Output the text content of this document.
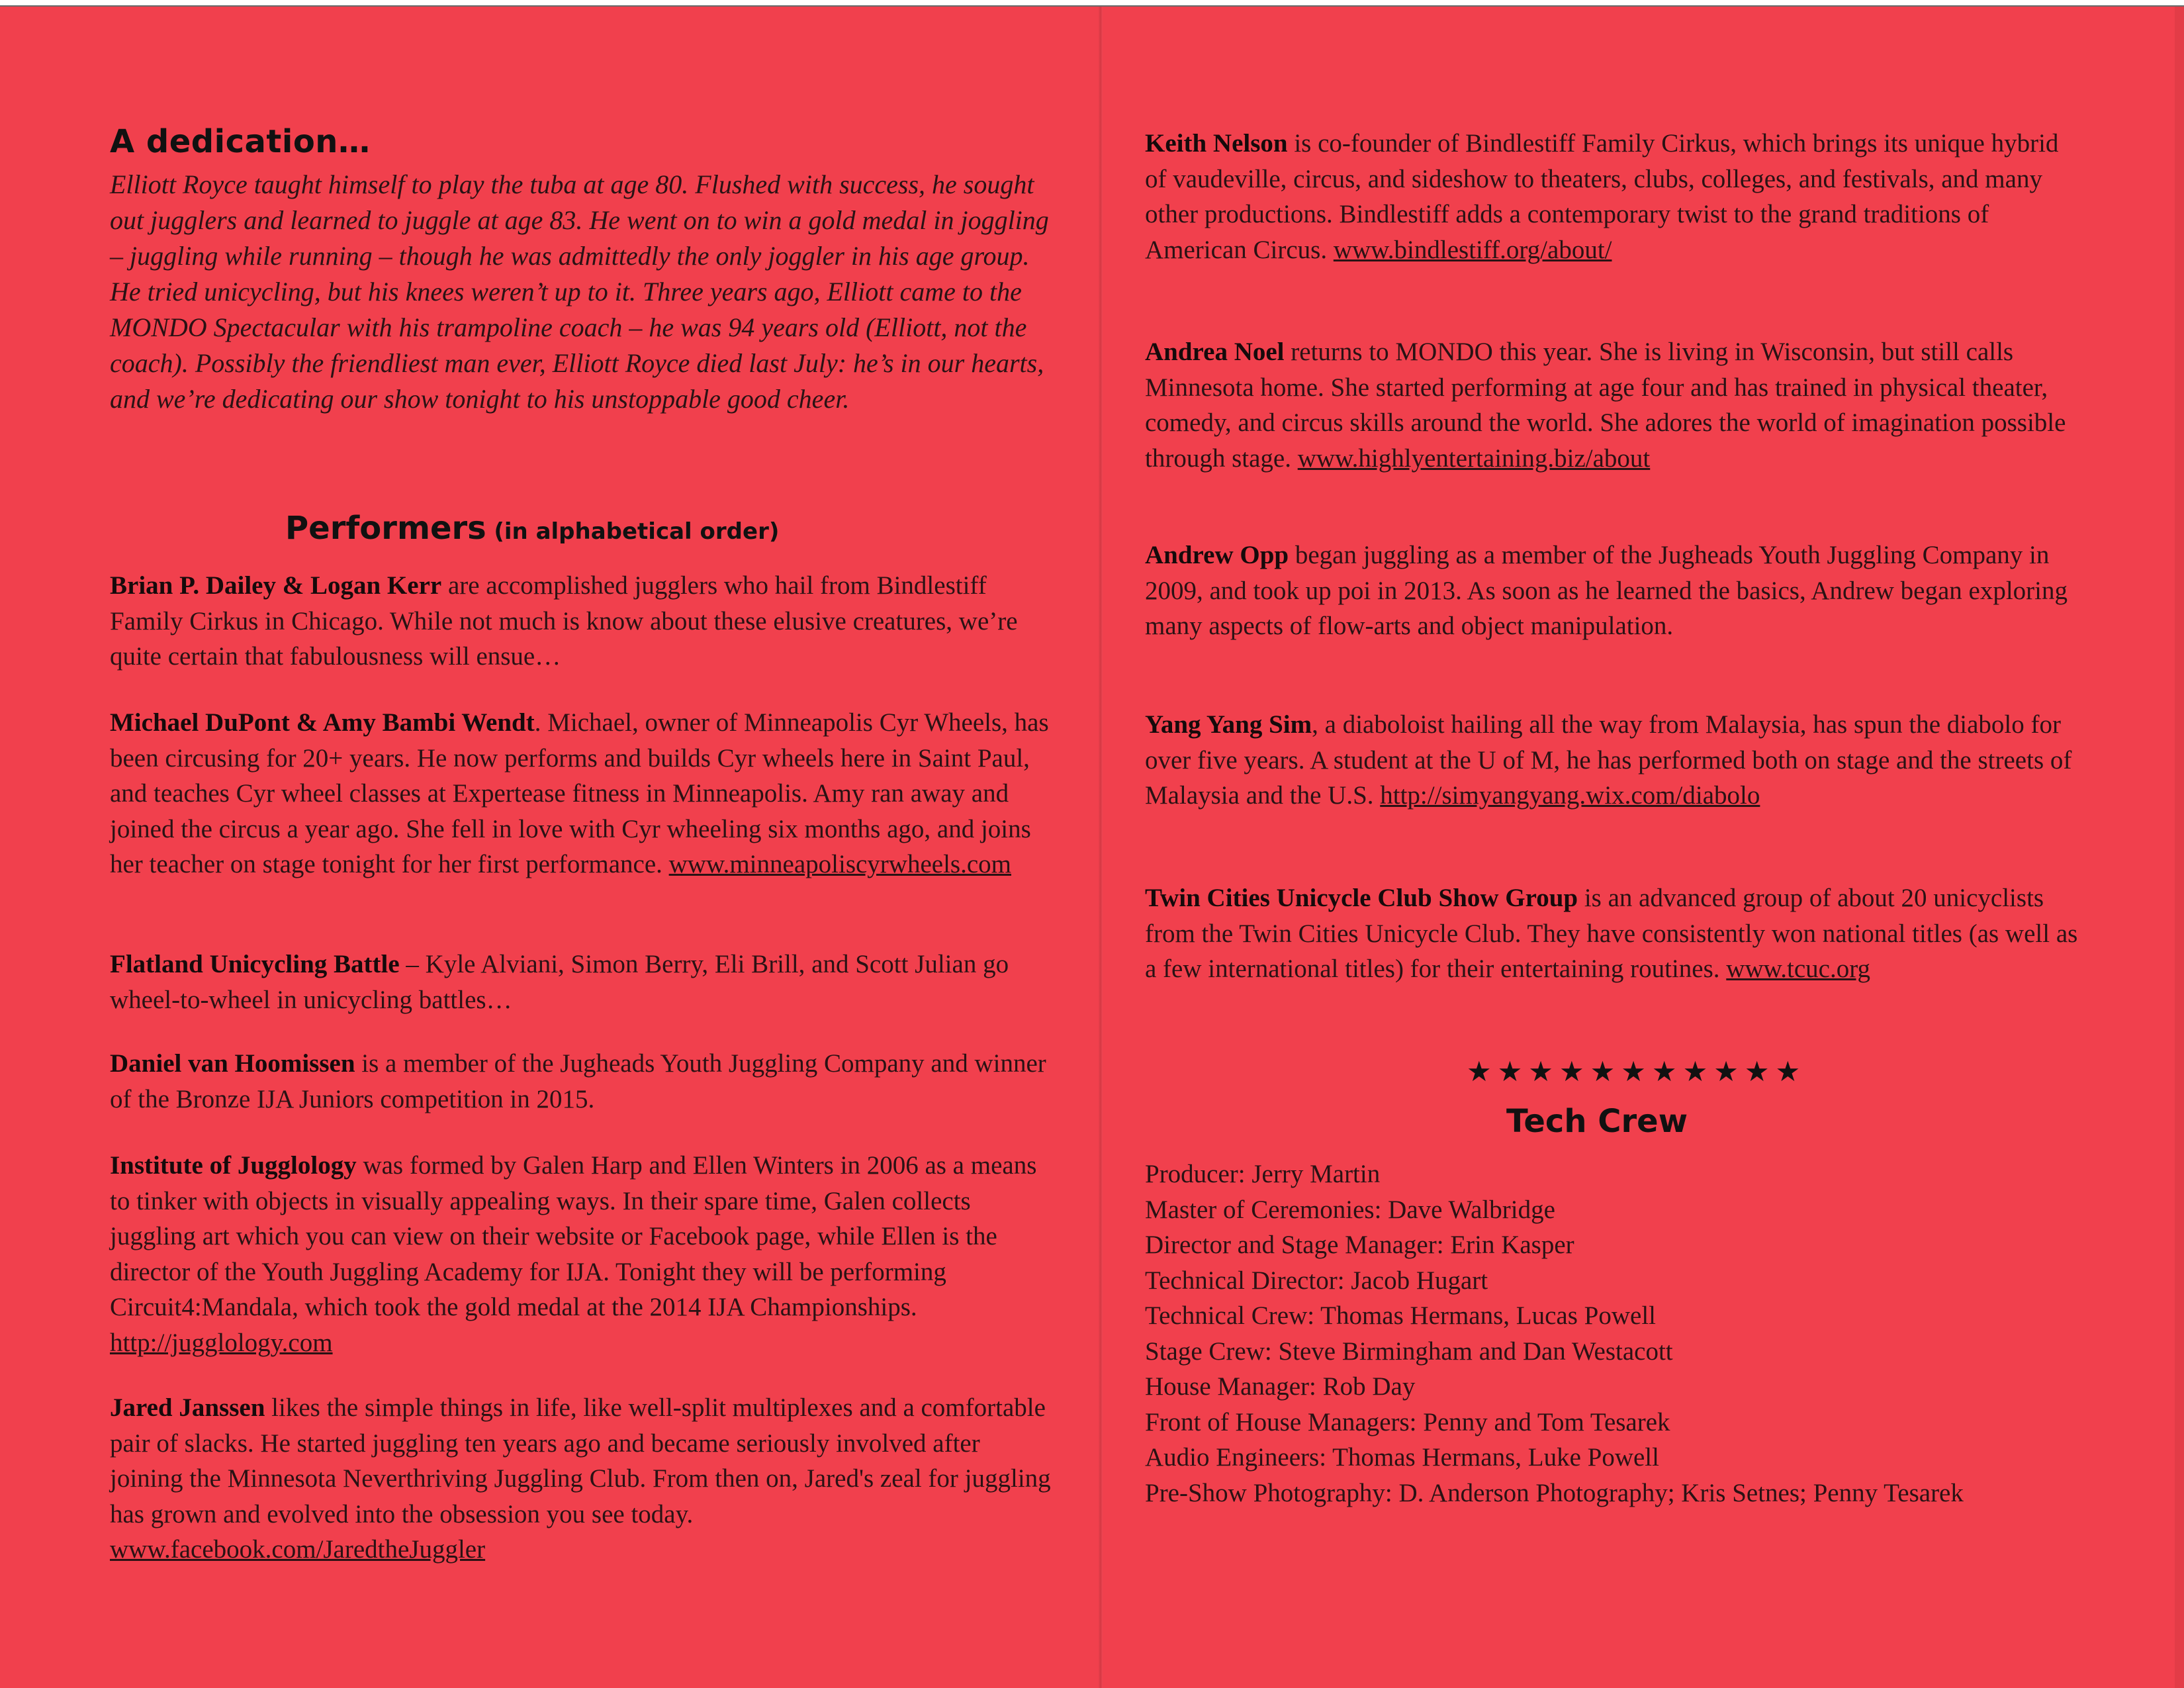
A dedication…

Elliott Royce taught himself to play the tuba at age 80. Flushed with success, he sought out jugglers and learned to juggle at age 83. He went on to win a gold medal in joggling – juggling while running – though he was admittedly the only joggler in his age group. He tried unicycling, but his knees weren’t up to it. Three years ago, Elliott came to the MONDO Spectacular with his trampoline coach – he was 94 years old (Elliott, not the coach). Possibly the friendliest man ever, Elliott Royce died last July: he’s in our hearts, and we’re dedicating our show tonight to his unstoppable good cheer.

Performers (in alphabetical order)

Brian P. Dailey & Logan Kerr are accomplished jugglers who hail from Bindlestiff Family Cirkus in Chicago. While not much is know about these elusive creatures, we’re quite certain that fabulousness will ensue…

Michael DuPont & Amy Bambi Wendt. Michael, owner of Minneapolis Cyr Wheels, has been circusing for 20+ years. He now performs and builds Cyr wheels here in Saint Paul, and teaches Cyr wheel classes at Expertease fitness in Minneapolis. Amy ran away and joined the circus a year ago. She fell in love with Cyr wheeling six months ago, and joins her teacher on stage tonight for her first performance. www.minneapoliscyrwheels.com

Flatland Unicycling Battle – Kyle Alviani, Simon Berry, Eli Brill, and Scott Julian go wheel-to-wheel in unicycling battles…

Daniel van Hoomissen is a member of the Jugheads Youth Juggling Company and winner of the Bronze IJA Juniors competition in 2015.

Institute of Jugglology was formed by Galen Harp and Ellen Winters in 2006 as a means to tinker with objects in visually appealing ways. In their spare time, Galen collects juggling art which you can view on their website or Facebook page, while Ellen is the director of the Youth Juggling Academy for IJA. Tonight they will be performing Circuit4:Mandala, which took the gold medal at the 2014 IJA Championships. http://jugglology.com

Jared Janssen likes the simple things in life, like well-split multiplexes and a comfortable pair of slacks. He started juggling ten years ago and became seriously involved after joining the Minnesota Neverthriving Juggling Club. From then on, Jared's zeal for juggling has grown and evolved into the obsession you see today. www.facebook.com/JaredtheJuggler

Keith Nelson is co-founder of Bindlestiff Family Cirkus, which brings its unique hybrid of vaudeville, circus, and sideshow to theaters, clubs, colleges, and festivals, and many other productions. Bindlestiff adds a contemporary twist to the grand traditions of American Circus. www.bindlestiff.org/about/

Andrea Noel returns to MONDO this year. She is living in Wisconsin, but still calls Minnesota home. She started performing at age four and has trained in physical theater, comedy, and circus skills around the world. She adores the world of imagination possible through stage. www.highlyentertaining.biz/about

Andrew Opp began juggling as a member of the Jugheads Youth Juggling Company in 2009, and took up poi in 2013. As soon as he learned the basics, Andrew began exploring many aspects of flow-arts and object manipulation.

Yang Yang Sim, a diaboloist hailing all the way from Malaysia, has spun the diabolo for over five years. A student at the U of M, he has performed both on stage and the streets of Malaysia and the U.S. http://simyangyang.wix.com/diabolo

Twin Cities Unicycle Club Show Group is an advanced group of about 20 unicyclists from the Twin Cities Unicycle Club. They have consistently won national titles (as well as a few international titles) for their entertaining routines. www.tcuc.org

★★★★★★★★★★★

Tech Crew
Producer: Jerry Martin
Master of Ceremonies: Dave Walbridge
Director and Stage Manager: Erin Kasper
Technical Director: Jacob Hugart
Technical Crew: Thomas Hermans, Lucas Powell
Stage Crew: Steve Birmingham and Dan Westacott
House Manager: Rob Day
Front of House Managers: Penny and Tom Tesarek
Audio Engineers: Thomas Hermans, Luke Powell
Pre-Show Photography: D. Anderson Photography; Kris Setnes; Penny Tesarek
